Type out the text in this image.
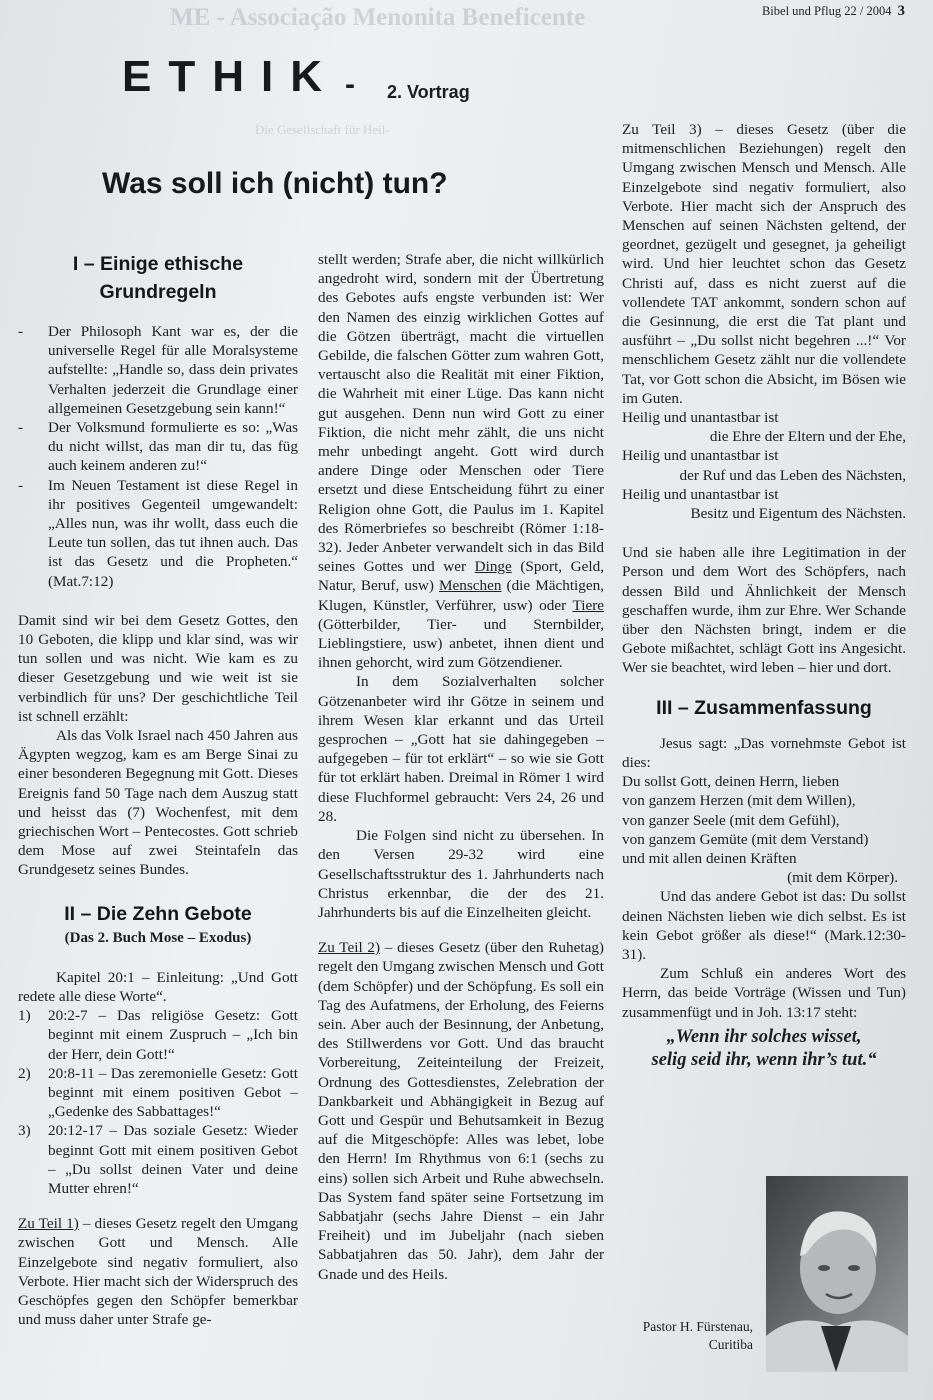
ME - Associação Menonita Beneficente
Die Gesellschaft für Heil-
Bibel und Pflug 22 / 2004 3
ETHIK - 2. Vortrag
Was soll ich (nicht) tun?
I – Einige ethische Grundregeln
- Der Philosoph Kant war es, der die universelle Regel für alle Moralsysteme aufstellte: „Handle so, dass dein privates Verhalten jederzeit die Grundlage einer allgemeinen Gesetzgebung sein kann!“
- Der Volksmund formulierte es so: „Was du nicht willst, das man dir tu, das füg auch keinem anderen zu!“
- Im Neuen Testament ist diese Regel in ihr positives Gegenteil umgewandelt: „Alles nun, was ihr wollt, dass euch die Leute tun sollen, das tut ihnen auch. Das ist das Gesetz und die Propheten.“ (Mat.7:12)

Damit sind wir bei dem Gesetz Gottes, den 10 Geboten, die klipp und klar sind, was wir tun sollen und was nicht. Wie kam es zu dieser Gesetzgebung und wie weit ist sie verbindlich für uns? Der geschichtliche Teil ist schnell erzählt:

Als das Volk Israel nach 450 Jahren aus Ägypten wegzog, kam es am Berge Sinai zu einer besonderen Begegnung mit Gott. Dieses Ereignis fand 50 Tage nach dem Auszug statt und heisst das (7) Wochenfest, mit dem griechischen Wort – Pentecostes. Gott schrieb dem Mose auf zwei Steintafeln das Grundgesetz seines Bundes.

II – Die Zehn Gebote
(Das 2. Buch Mose – Exodus)

Kapitel 20:1 – Einleitung: „Und Gott redete alle diese Worte“.

1) 20:2-7 – Das religiöse Gesetz: Gott beginnt mit einem Zuspruch – „Ich bin der Herr, dein Gott!“
2) 20:8-11 – Das zeremonielle Gesetz: Gott beginnt mit einem positiven Gebot – „Gedenke des Sabbattages!“
3) 20:12-17 – Das soziale Gesetz: Wieder beginnt Gott mit einem positiven Gebot – „Du sollst deinen Vater und deine Mutter ehren!“

Zu Teil 1) – dieses Gesetz regelt den Umgang zwischen Gott und Mensch. Alle Einzelgebote sind negativ formuliert, also Verbote. Hier macht sich der Widerspruch des Geschöpfes gegen den Schöpfer bemerkbar und muss daher unter Strafe ge-

stellt werden; Strafe aber, die nicht willkürlich angedroht wird, sondern mit der Übertretung des Gebotes aufs engste verbunden ist: Wer den Namen des einzig wirklichen Gottes auf die Götzen überträgt, macht die virtuellen Gebilde, die falschen Götter zum wahren Gott, vertauscht also die Realität mit einer Fiktion, die Wahrheit mit einer Lüge. Das kann nicht gut ausgehen. Denn nun wird Gott zu einer Fiktion, die nicht mehr zählt, die uns nicht mehr unbedingt angeht. Gott wird durch andere Dinge oder Menschen oder Tiere ersetzt und diese Entscheidung führt zu einer Religion ohne Gott, die Paulus im 1. Kapitel des Römerbriefes so beschreibt (Römer 1:18-32). Jeder Anbeter verwandelt sich in das Bild seines Gottes und wer Dinge (Sport, Geld, Natur, Beruf, usw) Menschen (die Mächtigen, Klugen, Künstler, Verführer, usw) oder Tiere (Götterbilder, Tier- und Sternbilder, Lieblingstiere, usw) anbetet, ihnen dient und ihnen gehorcht, wird zum Götzendiener.

In dem Sozialverhalten solcher Götzenanbeter wird ihr Götze in seinem und ihrem Wesen klar erkannt und das Urteil gesprochen – „Gott hat sie dahingegeben – aufgegeben – für tot erklärt“ – so wie sie Gott für tot erklärt haben. Dreimal in Römer 1 wird diese Fluchformel gebraucht: Vers 24, 26 und 28.

Die Folgen sind nicht zu übersehen. In den Versen 29-32 wird eine Gesellschaftsstruktur des 1. Jahrhunderts nach Christus erkennbar, die der des 21. Jahrhunderts bis auf die Einzelheiten gleicht.

Zu Teil 2) – dieses Gesetz (über den Ruhetag) regelt den Umgang zwischen Mensch und Gott (dem Schöpfer) und der Schöpfung. Es soll ein Tag des Aufatmens, der Erholung, des Feierns sein. Aber auch der Besinnung, der Anbetung, des Stillwerdens vor Gott. Und das braucht Vorbereitung, Zeiteinteilung der Freizeit, Ordnung des Gottesdienstes, Zelebration der Dankbarkeit und Abhängigkeit in Bezug auf Gott und Gespür und Behutsamkeit in Bezug auf die Mitgeschöpfe: Alles was lebet, lobe den Herrn! Im Rhythmus von 6:1 (sechs zu eins) sollen sich Arbeit und Ruhe abwechseln. Das System fand später seine Fortsetzung im Sabbatjahr (sechs Jahre Dienst – ein Jahr Freiheit) und im Jubeljahr (nach sieben Sabbatjahren das 50. Jahr), dem Jahr der Gnade und des Heils.

Zu Teil 3) – dieses Gesetz (über die mitmenschlichen Beziehungen) regelt den Umgang zwischen Mensch und Mensch. Alle Einzelgebote sind negativ formuliert, also Verbote. Hier macht sich der Anspruch des Menschen auf seinen Nächsten geltend, der geordnet, gezügelt und gesegnet, ja geheiligt wird. Und hier leuchtet schon das Gesetz Christi auf, dass es nicht zuerst auf die vollendete TAT ankommt, sondern schon auf die Gesinnung, die erst die Tat plant und ausführt – „Du sollst nicht begehren ...!“ Vor menschlichem Gesetz zählt nur die vollendete Tat, vor Gott schon die Absicht, im Bösen wie im Guten.

Heilig und unantastbar ist

die Ehre der Eltern und der Ehe,

Heilig und unantastbar ist

der Ruf und das Leben des Nächsten,

Heilig und unantastbar ist

Besitz und Eigentum des Nächsten.

Und sie haben alle ihre Legitimation in der Person und dem Wort des Schöpfers, nach dessen Bild und Ähnlichkeit der Mensch geschaffen wurde, ihm zur Ehre. Wer Schande über den Nächsten bringt, indem er die Gebote mißachtet, schlägt Gott ins Angesicht. Wer sie beachtet, wird leben – hier und dort.

III – Zusammenfassung

Jesus sagt: „Das vornehmste Gebot ist dies:

Du sollst Gott, deinen Herrn, lieben

von ganzem Herzen (mit dem Willen),

von ganzer Seele (mit dem Gefühl),

von ganzem Gemüte (mit dem Verstand)

und mit allen deinen Kräften

(mit dem Körper).

Und das andere Gebot ist das: Du sollst deinen Nächsten lieben wie dich selbst. Es ist kein Gebot größer als diese!“ (Mark.12:30-31).

Zum Schluß ein anderes Wort des Herrn, das beide Vorträge (Wissen und Tun) zusammenfügt und in Joh. 13:17 steht:

„Wenn ihr solches wisset,
selig seid ihr, wenn ihr’s tut.“
Pastor H. Fürstenau,
Curitiba
